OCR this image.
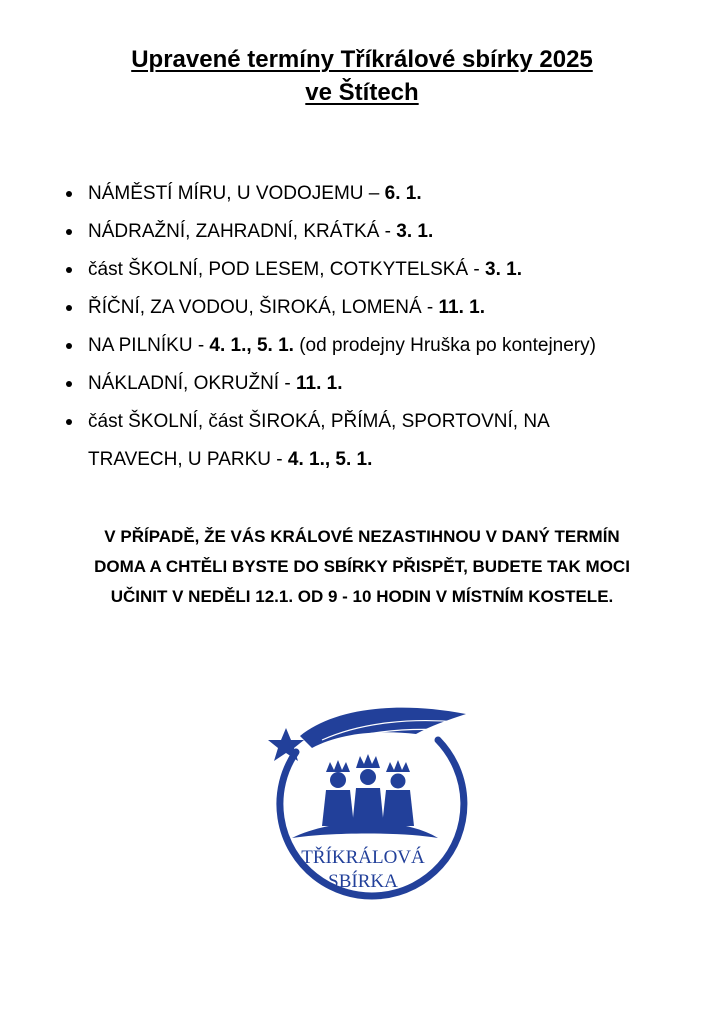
Upravené termíny Tříkrálové sbírky 2025
ve Štítech
NÁMĚSTÍ MÍRU, U VODOJEMU – 6. 1.
NÁDRAŽNÍ, ZAHRADNÍ, KRÁTKÁ - 3. 1.
část ŠKOLNÍ, POD LESEM, COTKYTELSKÁ - 3. 1.
ŘÍČNÍ, ZA VODOU, ŠIROKÁ, LOMENÁ - 11. 1.
NA PILNÍKU - 4. 1., 5. 1. (od prodejny Hruška po kontejnery)
NÁKLADNÍ, OKRUŽNÍ - 11. 1.
část ŠKOLNÍ, část ŠIROKÁ, PŘÍMÁ, SPORTOVNÍ, NA TRAVECH, U PARKU - 4. 1., 5. 1.
V PŘÍPADĚ, ŽE VÁS KRÁLOVÉ NEZASTIHNOU V DANÝ TERMÍN
DOMA A CHTĚLI BYSTE DO SBÍRKY PŘISPĚT, BUDETE TAK MOCI
UČINIT V NEDĚLI 12.1. OD 9 - 10 HODIN V MÍSTNÍM KOSTELE.
TŘÍKRÁLOVÁ
SBÍRKA
